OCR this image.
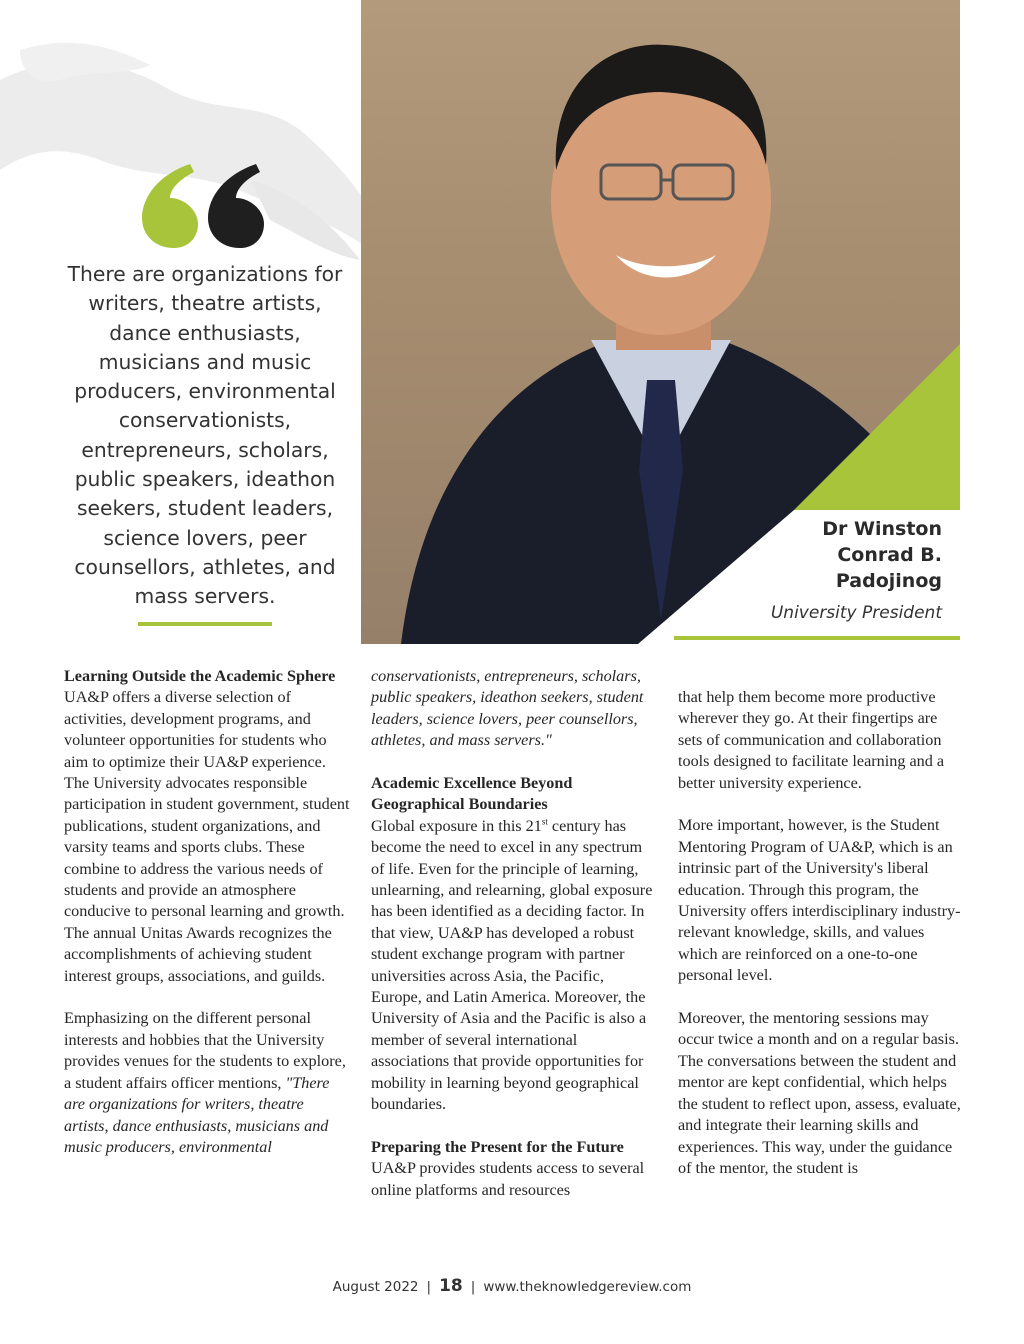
There are organizations for writers, theatre artists, dance enthusiasts, musicians and music producers, environmental conservationists, entrepreneurs, scholars, public speakers, ideathon seekers, student leaders, science lovers, peer counsellors, athletes, and mass servers.
Dr Winston
Conrad B.
Padojinog
University President
Learning Outside the Academic Sphere

UA&P offers a diverse selection of activities, development programs, and volunteer opportunities for students who aim to optimize their UA&P experience. The University advocates responsible participation in student government, student publications, student organizations, and varsity teams and sports clubs. These combine to address the various needs of students and provide an atmosphere conducive to personal learning and growth. The annual Unitas Awards recognizes the accomplishments of achieving student interest groups, associations, and guilds.

Emphasizing on the different personal interests and hobbies that the University provides venues for the students to explore, a student affairs officer mentions, "There are organizations for writers, theatre artists, dance enthusiasts, musicians and music producers, environmental

conservationists, entrepreneurs, scholars, public speakers, ideathon seekers, student leaders, science lovers, peer counsellors, athletes, and mass servers."

Academic Excellence Beyond Geographical Boundaries

Global exposure in this 21st century has become the need to excel in any spectrum of life. Even for the principle of learning, unlearning, and relearning, global exposure has been identified as a deciding factor. In that view, UA&P has developed a robust student exchange program with partner universities across Asia, the Pacific, Europe, and Latin America. Moreover, the University of Asia and the Pacific is also a member of several international associations that provide opportunities for mobility in learning beyond geographical boundaries.

Preparing the Present for the Future

UA&P provides students access to several online platforms and resources

that help them become more productive wherever they go. At their fingertips are sets of communication and collaboration tools designed to facilitate learning and a better university experience.

More important, however, is the Student Mentoring Program of UA&P, which is an intrinsic part of the University's liberal education. Through this program, the University offers interdisciplinary industry-relevant knowledge, skills, and values which are reinforced on a one-to-one personal level.

Moreover, the mentoring sessions may occur twice a month and on a regular basis. The conversations between the student and mentor are kept confidential, which helps the student to reflect upon, assess, evaluate, and integrate their learning skills and experiences. This way, under the guidance of the mentor, the student is

August 2022 | 18 | www.theknowledgereview.com
